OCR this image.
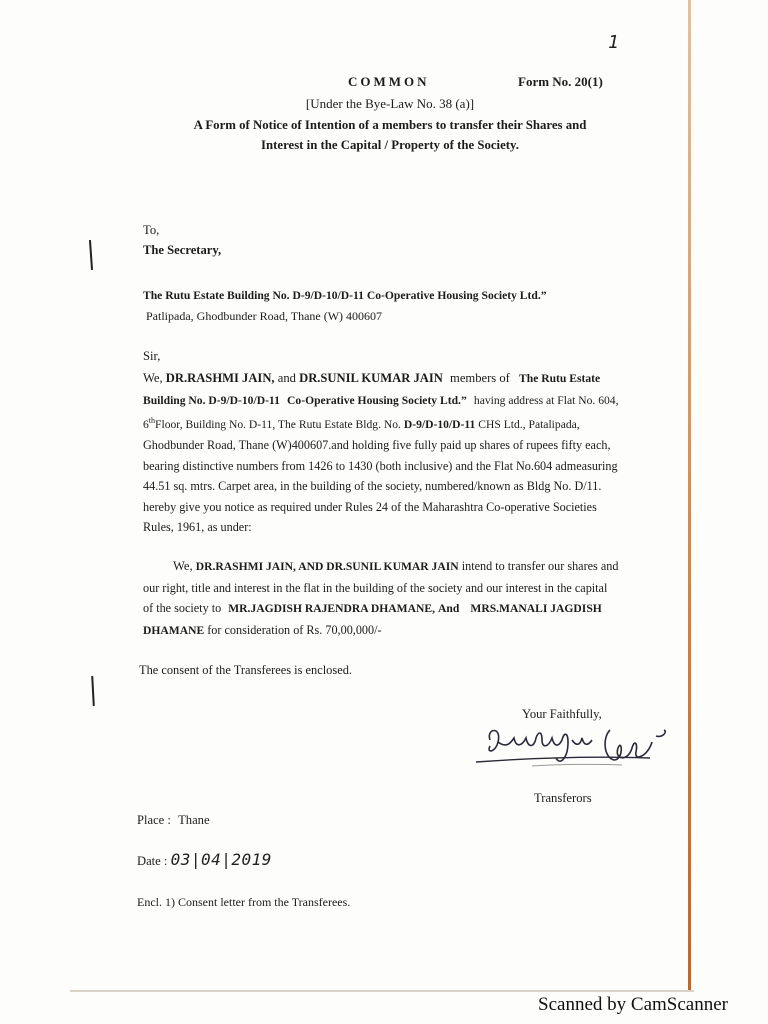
1
COMMON	Form No. 20(1)
[Under the Bye-Law No. 38 (a)]
A Form of Notice of Intention of a members to transfer their Shares and
Interest in the Capital / Property of the Society.
To,
The Secretary,
The Rutu Estate Building No. D-9/D-10/D-11 Co-Operative Housing Society Ltd.”
Patlipada, Ghodbunder Road, Thane (W) 400607
Sir,
We, DR.RASHMI JAIN, and DR.SUNIL KUMAR JAIN members of The Rutu Estate
Building No. D-9/D-10/D-11 Co-Operative Housing Society Ltd.” having address at Flat No. 604,
6thFloor, Building No. D-11, The Rutu Estate Bldg. No. D-9/D-10/D-11 CHS Ltd., Patalipada,
Ghodbunder Road, Thane (W)400607.and holding five fully paid up shares of rupees fifty each,
bearing distinctive numbers from 1426 to 1430 (both inclusive) and the Flat No.604 admeasuring
44.51 sq. mtrs. Carpet area, in the building of the society, numbered/known as Bldg No. D/11.
hereby give you notice as required under Rules 24 of the Maharashtra Co-operative Societies
Rules, 1961, as under:
We, DR.RASHMI JAIN, AND DR.SUNIL KUMAR JAIN intend to transfer our shares and
our right, title and interest in the flat in the building of the society and our interest in the capital
of the society to MR.JAGDISH RAJENDRA DHAMANE, And MRS.MANALI JAGDISH
DHAMANE for consideration of Rs. 70,00,000/-
The consent of the Transferees is enclosed.
Your Faithfully,
Transferors
Place : Thane
Date : 03|04|2019
Encl. 1) Consent letter from the Transferees.
Scanned by CamScanner
